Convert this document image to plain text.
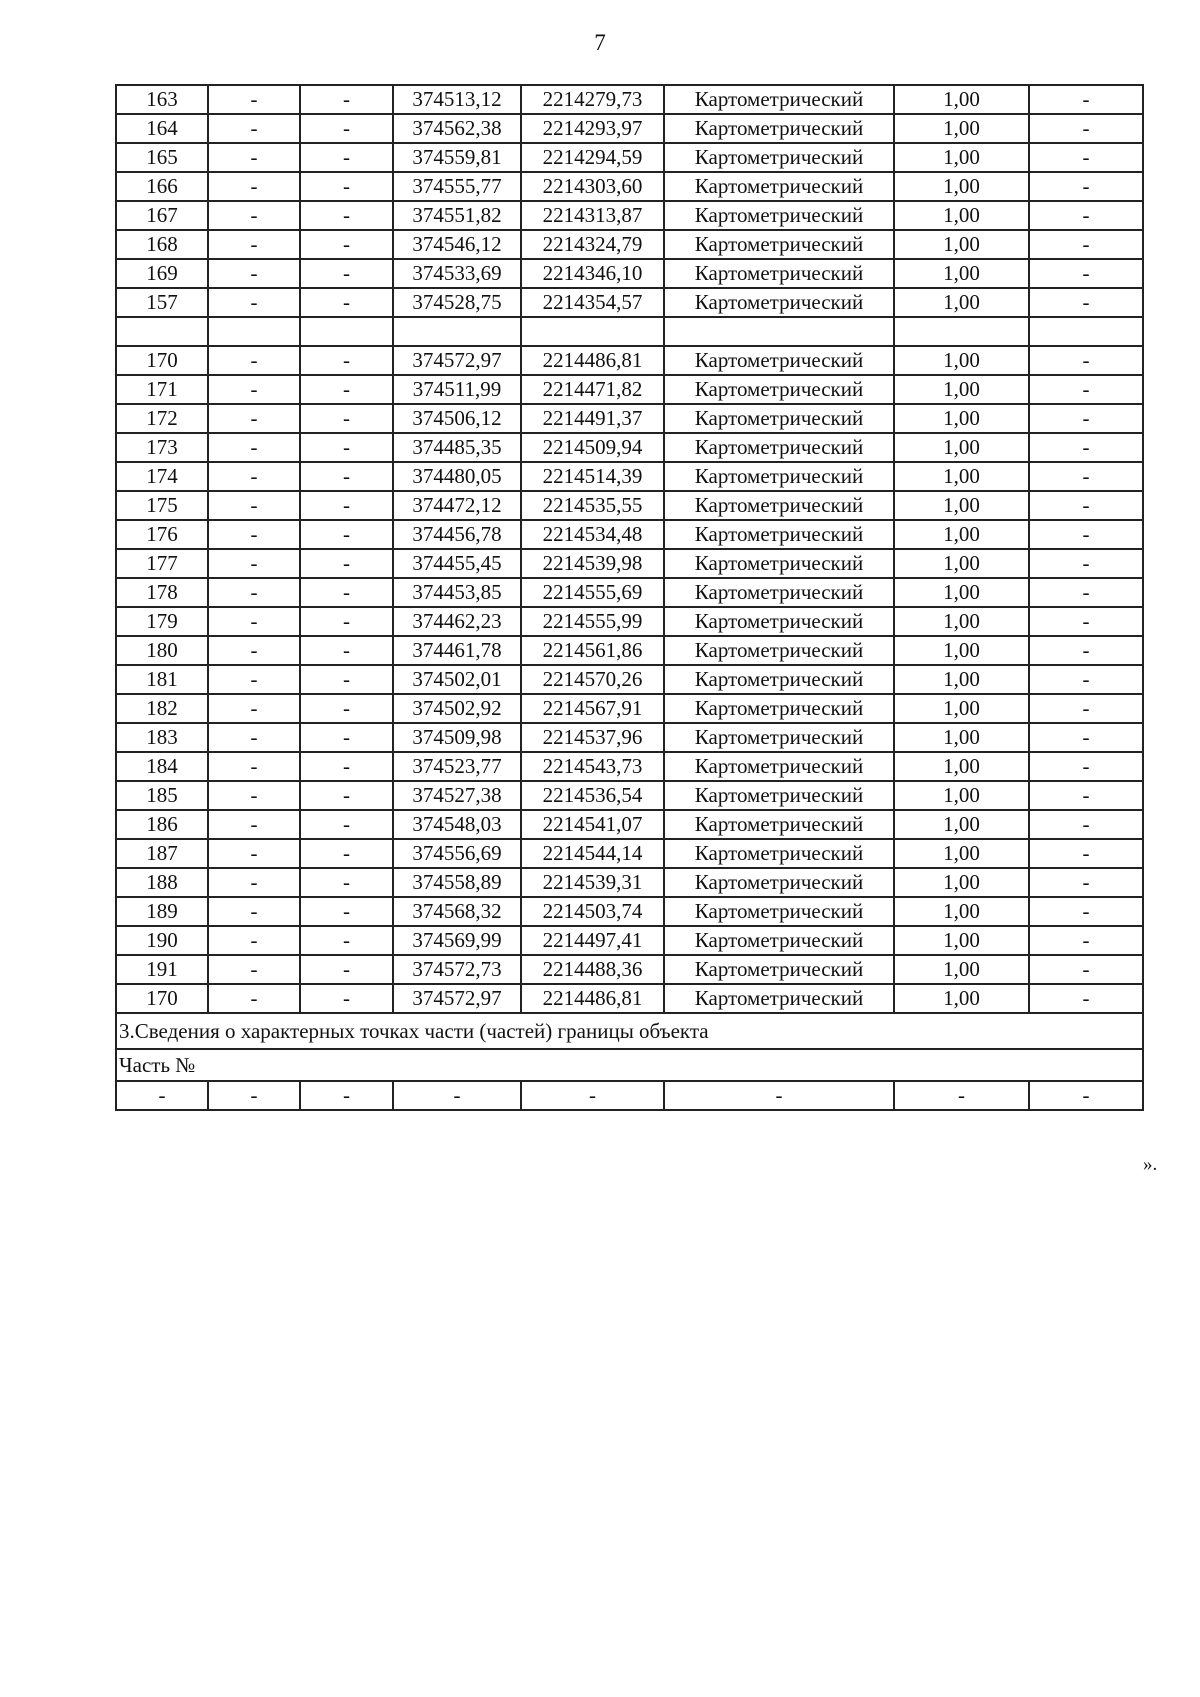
7
163	-	-	374513,12	2214279,73	Картометрический	1,00	-
164	-	-	374562,38	2214293,97	Картометрический	1,00	-
165	-	-	374559,81	2214294,59	Картометрический	1,00	-
166	-	-	374555,77	2214303,60	Картометрический	1,00	-
167	-	-	374551,82	2214313,87	Картометрический	1,00	-
168	-	-	374546,12	2214324,79	Картометрический	1,00	-
169	-	-	374533,69	2214346,10	Картометрический	1,00	-
157	-	-	374528,75	2214354,57	Картометрический	1,00	-

170	-	-	374572,97	2214486,81	Картометрический	1,00	-
171	-	-	374511,99	2214471,82	Картометрический	1,00	-
172	-	-	374506,12	2214491,37	Картометрический	1,00	-
173	-	-	374485,35	2214509,94	Картометрический	1,00	-
174	-	-	374480,05	2214514,39	Картометрический	1,00	-
175	-	-	374472,12	2214535,55	Картометрический	1,00	-
176	-	-	374456,78	2214534,48	Картометрический	1,00	-
177	-	-	374455,45	2214539,98	Картометрический	1,00	-
178	-	-	374453,85	2214555,69	Картометрический	1,00	-
179	-	-	374462,23	2214555,99	Картометрический	1,00	-
180	-	-	374461,78	2214561,86	Картометрический	1,00	-
181	-	-	374502,01	2214570,26	Картометрический	1,00	-
182	-	-	374502,92	2214567,91	Картометрический	1,00	-
183	-	-	374509,98	2214537,96	Картометрический	1,00	-
184	-	-	374523,77	2214543,73	Картометрический	1,00	-
185	-	-	374527,38	2214536,54	Картометрический	1,00	-
186	-	-	374548,03	2214541,07	Картометрический	1,00	-
187	-	-	374556,69	2214544,14	Картометрический	1,00	-
188	-	-	374558,89	2214539,31	Картометрический	1,00	-
189	-	-	374568,32	2214503,74	Картометрический	1,00	-
190	-	-	374569,99	2214497,41	Картометрический	1,00	-
191	-	-	374572,73	2214488,36	Картометрический	1,00	-
170	-	-	374572,97	2214486,81	Картометрический	1,00	-
3.Сведения о характерных точках части (частей) границы объекта							
Часть №							
-	-	-	-	-	-	-	-
».
